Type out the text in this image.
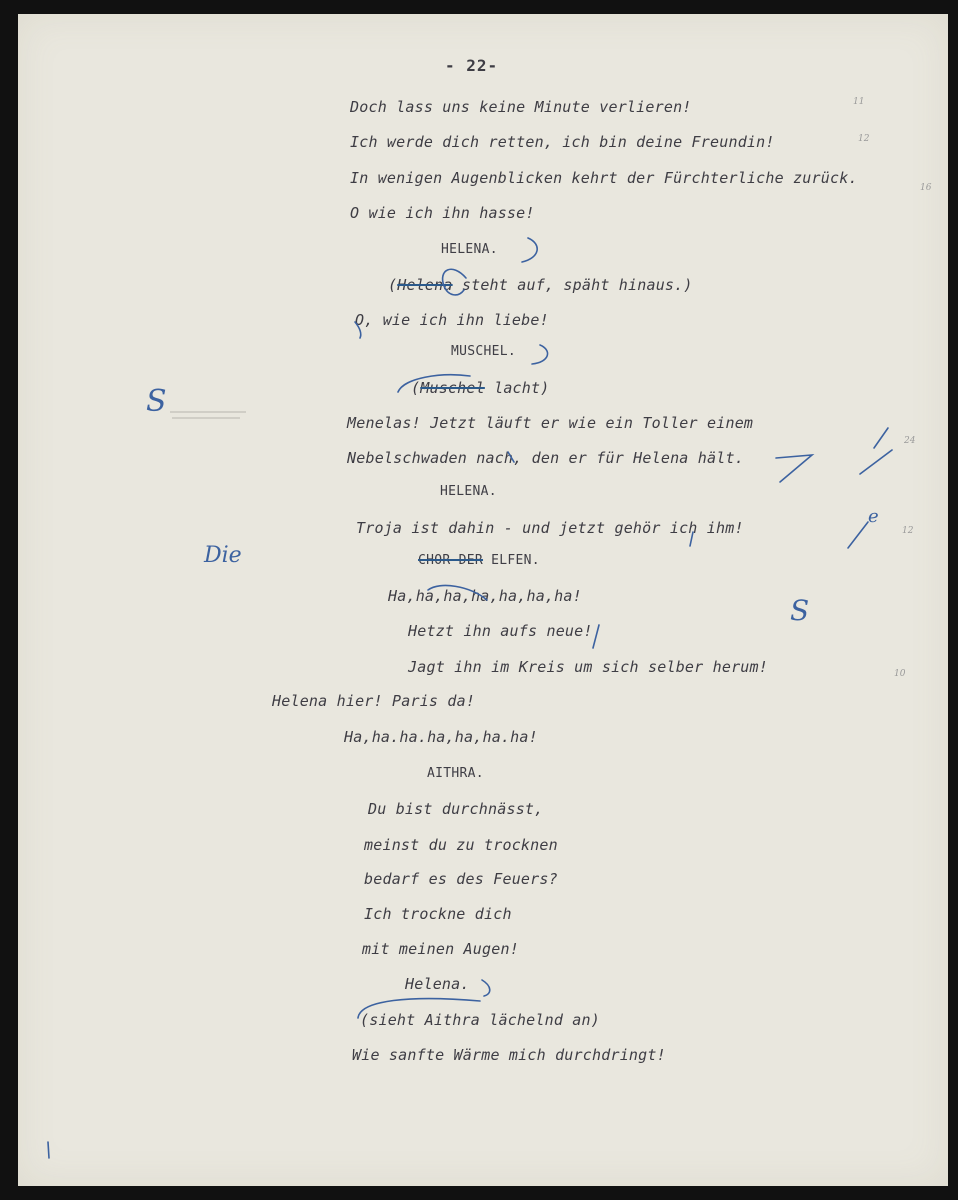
- 22-
Doch lass uns keine Minute verlieren!
Ich werde dich retten, ich bin deine Freundin!
In wenigen Augenblicken kehrt der Fürchterliche zurück.
O wie ich ihn hasse!
HELENA.
(Helena steht auf, späht hinaus.)
O, wie ich ihn liebe!
MUSCHEL.
(Muschel lacht)
Menelas! Jetzt läuft er wie ein Toller einem
Nebelschwaden nach, den er für Helena hält.
HELENA.
Troja ist dahin - und jetzt gehör ich ihm!
CHOR DER ELFEN.
Ha,ha,ha,ha,ha,ha,ha!
Hetzt ihn aufs neue!
Jagt ihn im Kreis um sich selber herum!
Helena hier! Paris da!
Ha,ha.ha.ha,ha,ha.ha!
AITHRA.
Du bist durchnässt,
meinst du zu trocknen
bedarf es des Feuers?
Ich trockne dich
mit meinen Augen!
Helena.
(sieht Aithra lächelnd an)
Wie sanfte Wärme mich durchdringt!
Die
S
S
e
11
12
16
24
12
10
